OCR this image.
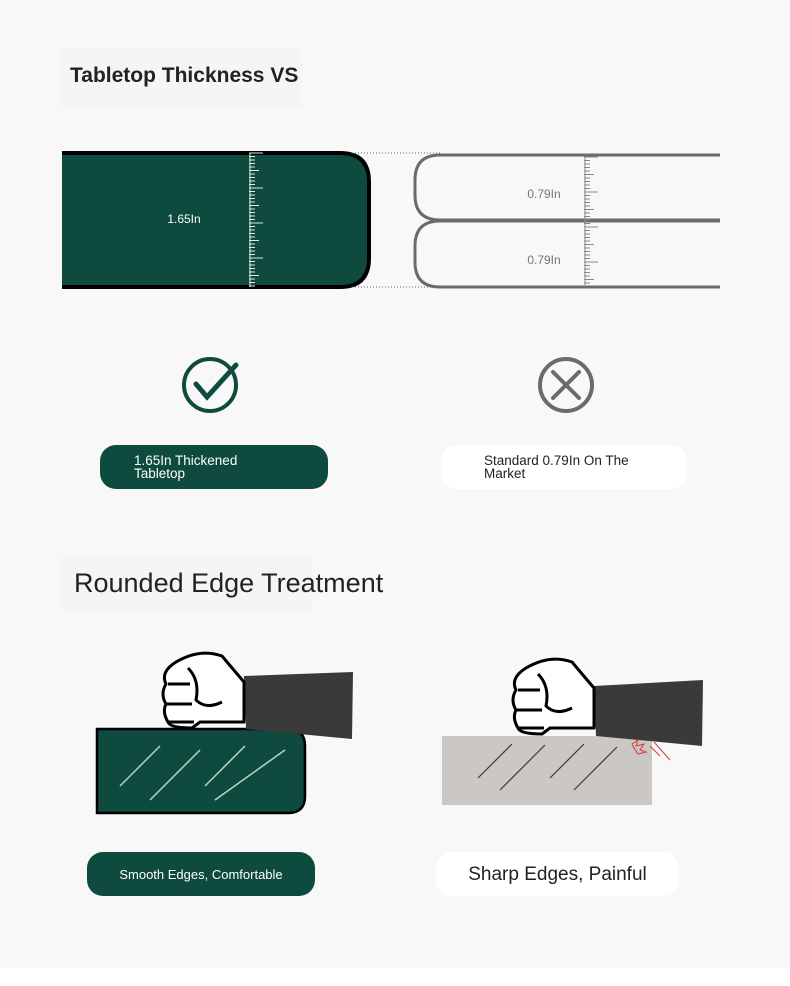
Tabletop Thickness VS
1.65In
0.79In
0.79In
1.65In Thickened Tabletop
Standard 0.79In On The Market
Rounded Edge Treatment
Smooth Edges, Comfortable	Sharp Edges, Painful
